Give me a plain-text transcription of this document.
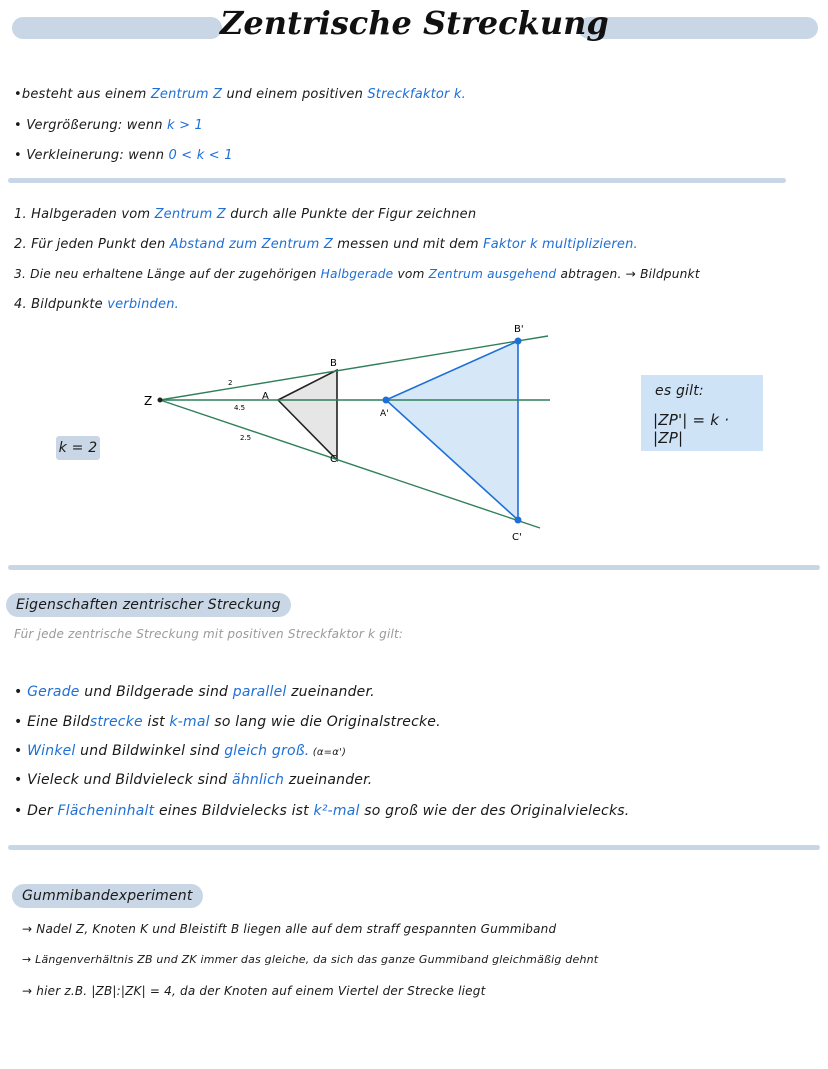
Zentrische Streckung
•besteht aus einem Zentrum Z und einem positiven Streckfaktor k.
• Vergrößerung: wenn k > 1
• Verkleinerung: wenn 0 < k < 1
1. Halbgeraden vom Zentrum Z durch alle Punkte der Figur zeichnen
2. Für jeden Punkt den Abstand zum Zentrum Z messen und mit dem Faktor k multiplizieren.
3. Die neu erhaltene Länge auf der zugehörigen Halbgerade vom Zentrum ausgehend abtragen. → Bildpunkt
4. Bildpunkte verbinden.
Z	A
B
C
A'
B'
C'
2
4.5
2.5
k = 2
es gilt:
|ZP'| = k · |ZP|
Eigenschaften zentrischer Streckung
Für jede zentrische Streckung mit positiven Streckfaktor k gilt:
• Gerade und Bildgerade sind parallel zueinander.
• Eine Bildstrecke ist k-mal so lang wie die Originalstrecke.
• Winkel und Bildwinkel sind gleich groß. (α=α')
• Vieleck und Bildvieleck sind ähnlich zueinander.
• Der Flächeninhalt eines Bildvielecks ist k²-mal so groß wie der des Originalvielecks.
Gummibandexperiment
→ Nadel Z, Knoten K und Bleistift B liegen alle auf dem straff gespannten Gummiband
→ Längenverhältnis ZB und ZK immer das gleiche, da sich das ganze Gummiband gleichmäßig dehnt
→ hier z.B. |ZB|:|ZK| = 4, da der Knoten auf einem Viertel der Strecke liegt
